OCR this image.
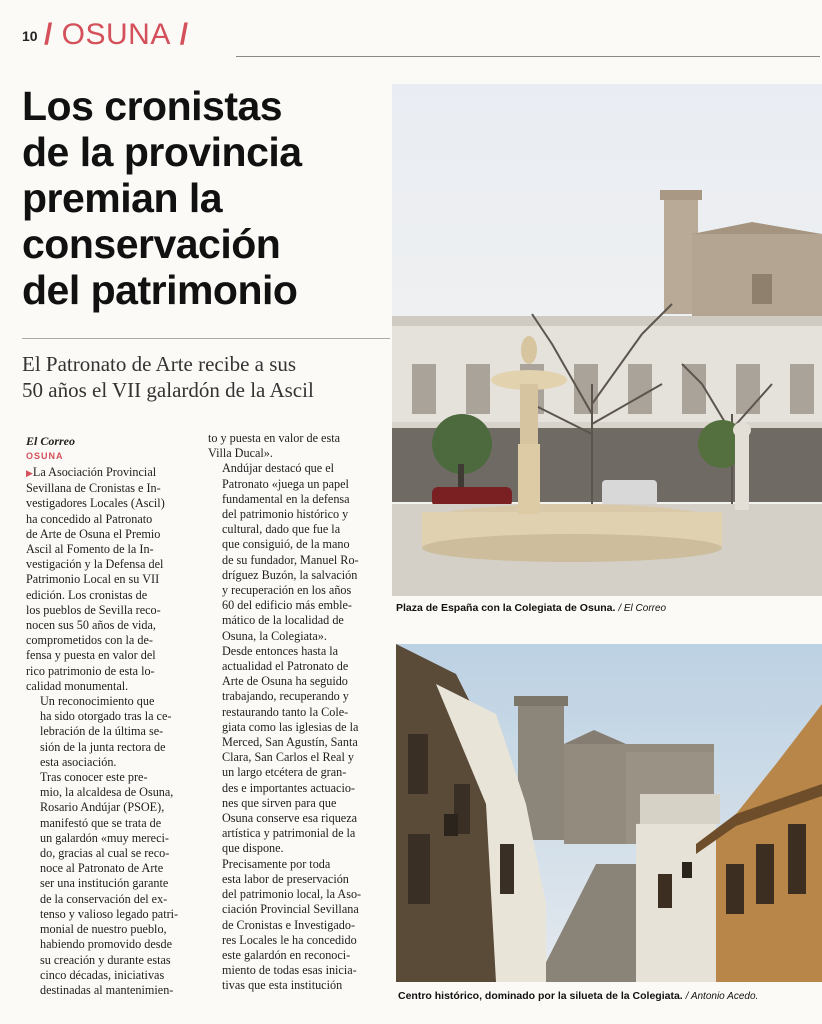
10 / OSUNA /
Los cronistas
de la provincia
premian la
conservación
del patrimonio
El Patronato de Arte recibe a sus
50 años el VII galardón de la Ascil
El Correo
OSUNA

▶La Asociación Provincial

Sevillana de Cronistas e In-
vestigadores Locales (Ascil)
ha concedido al Patronato
de Arte de Osuna el Premio
Ascil al Fomento de la In-
vestigación y la Defensa del
Patrimonio Local en su VII
edición. Los cronistas de
los pueblos de Sevilla reco-
nocen sus 50 años de vida,
comprometidos con la de-
fensa y puesta en valor del
rico patrimonio de esta lo-
calidad monumental.

Un reconocimiento que
ha sido otorgado tras la ce-
lebración de la última se-
sión de la junta rectora de
esta asociación.

Tras conocer este pre-
mio, la alcaldesa de Osuna,
Rosario Andújar (PSOE),
manifestó que se trata de
un galardón «muy mereci-
do, gracias al cual se reco-
noce al Patronato de Arte
ser una institución garante
de la conservación del ex-
tenso y valioso legado patri-
monial de nuestro pueblo,
habiendo promovido desde
su creación y durante estas
cinco décadas, iniciativas
destinadas al mantenimien-

to y puesta en valor de esta
Villa Ducal».

Andújar destacó que el
Patronato «juega un papel
fundamental en la defensa
del patrimonio histórico y
cultural, dado que fue la
que consiguió, de la mano
de su fundador, Manuel Ro-
dríguez Buzón, la salvación
y recuperación en los años
60 del edificio más emble-
mático de la localidad de
Osuna, la Colegiata».

Desde entonces hasta la
actualidad el Patronato de
Arte de Osuna ha seguido
trabajando, recuperando y
restaurando tanto la Cole-
giata como las iglesias de la
Merced, San Agustín, Santa
Clara, San Carlos el Real y
un largo etcétera de gran-
des e importantes actuacio-
nes que sirven para que
Osuna conserve esa riqueza
artística y patrimonial de la
que dispone.

Precisamente por toda
esta labor de preservación
del patrimonio local, la Aso-
ciación Provincial Sevillana
de Cronistas e Investigado-
res Locales le ha concedido
este galardón en reconoci-
miento de todas esas inicia-
tivas que esta institución

Plaza de España con la Colegiata de Osuna. / El Correo
Centro histórico, dominado por la silueta de la Colegiata. / Antonio Acedo.
